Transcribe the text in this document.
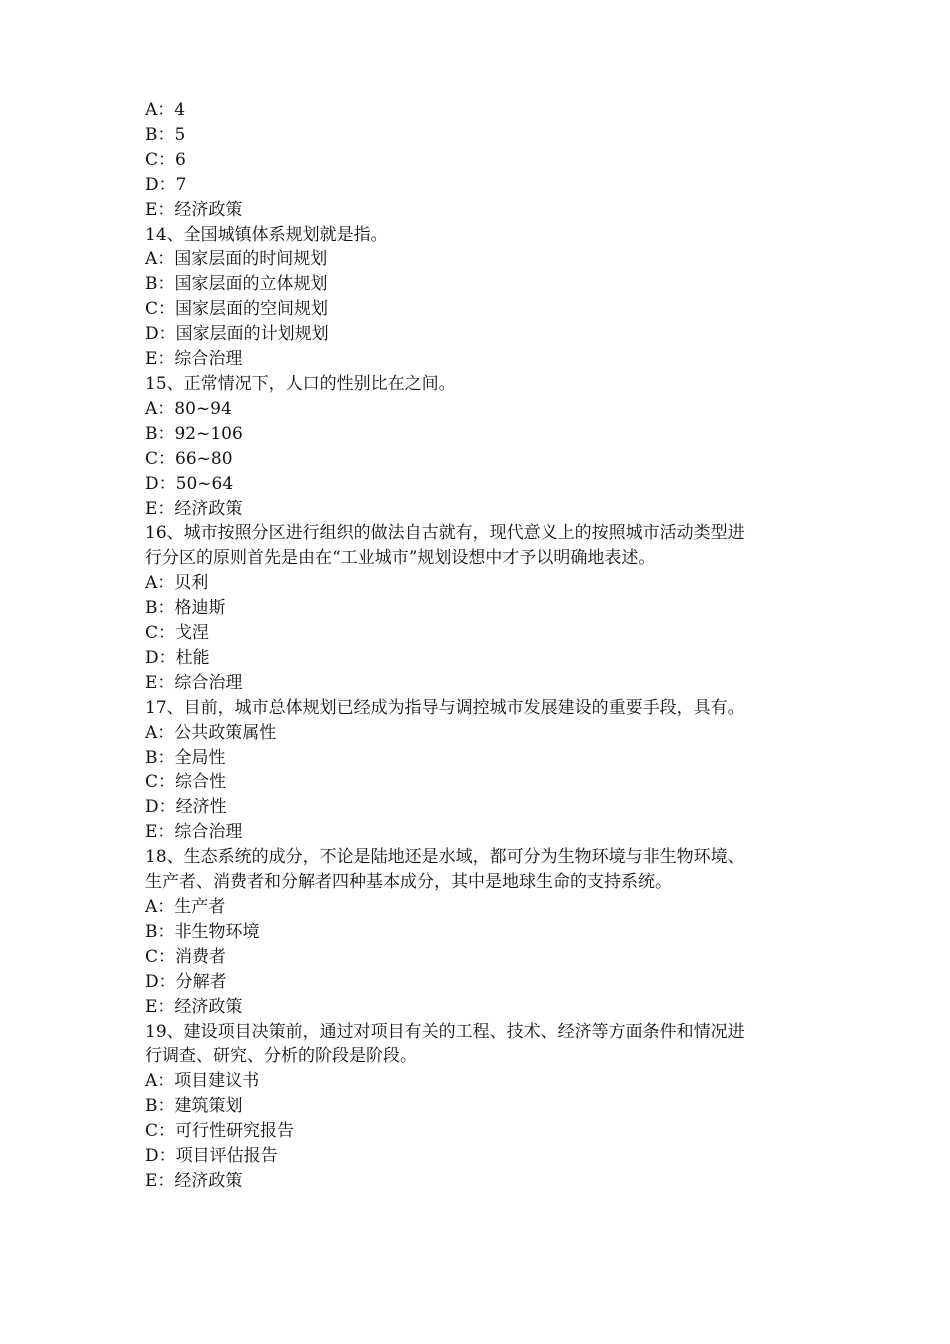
A：4
B：5
C：6
D：7
E：经济政策
14、全国城镇体系规划就是指。
A：国家层面的时间规划
B：国家层面的立体规划
C：国家层面的空间规划
D：国家层面的计划规划
E：综合治理
15、正常情况下，人口的性别比在之间。
A：80~94
B：92~106
C：66~80
D：50~64
E：经济政策
16、城市按照分区进行组织的做法自古就有，现代意义上的按照城市活动类型进
行分区的原则首先是由在“工业城市”规划设想中才予以明确地表述。
A：贝利
B：格迪斯
C：戈涅
D：杜能
E：综合治理
17、目前，城市总体规划已经成为指导与调控城市发展建设的重要手段，具有。
A：公共政策属性
B：全局性
C：综合性
D：经济性
E：综合治理
18、生态系统的成分，不论是陆地还是水域，都可分为生物环境与非生物环境、
生产者、消费者和分解者四种基本成分，其中是地球生命的支持系统。
A：生产者
B：非生物环境
C：消费者
D：分解者
E：经济政策
19、建设项目决策前，通过对项目有关的工程、技术、经济等方面条件和情况进
行调查、研究、分析的阶段是阶段。
A：项目建议书
B：建筑策划
C：可行性研究报告
D：项目评估报告
E：经济政策
